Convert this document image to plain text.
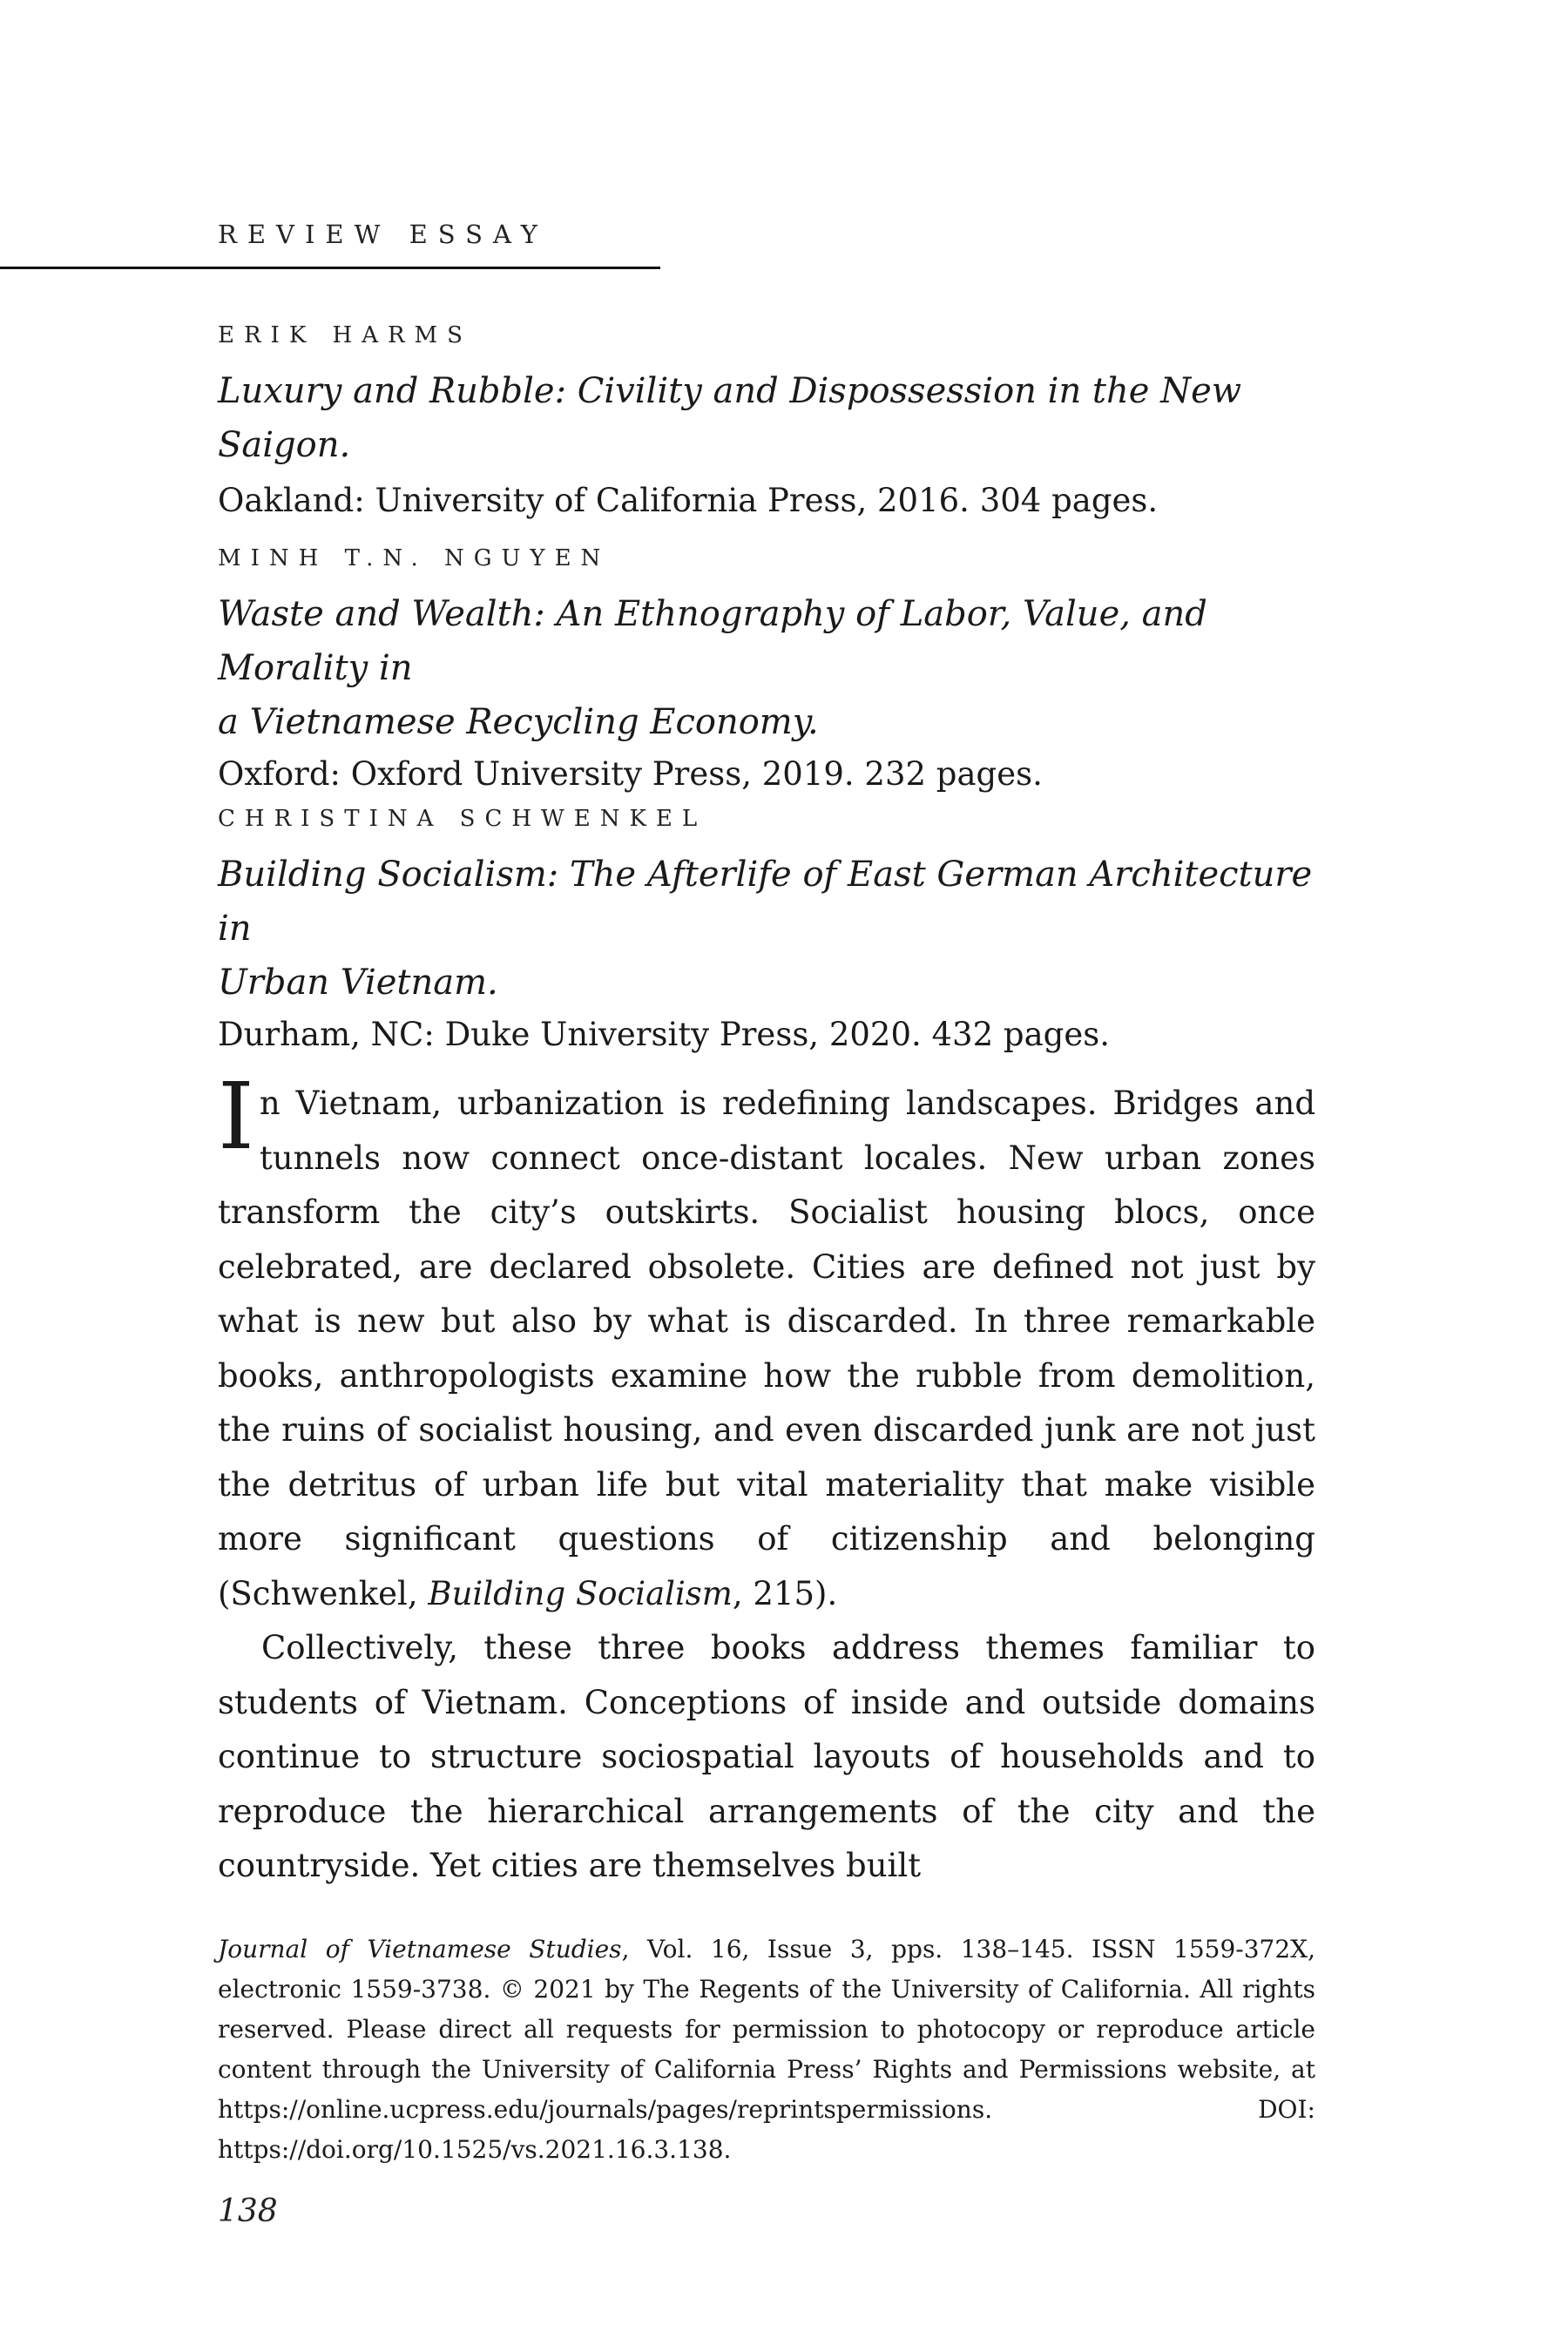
REVIEW ESSAY
ERIK HARMS
Luxury and Rubble: Civility and Dispossession in the New Saigon.
Oakland: University of California Press, 2016. 304 pages.
MINH T.N. NGUYEN
Waste and Wealth: An Ethnography of Labor, Value, and Morality in
a Vietnamese Recycling Economy.
Oxford: Oxford University Press, 2019. 232 pages.
CHRISTINA SCHWENKEL
Building Socialism: The Afterlife of East German Architecture in
Urban Vietnam.
Durham, NC: Duke University Press, 2020. 432 pages.

In Vietnam, urbanization is redefining landscapes. Bridges and tunnels now connect once-distant locales. New urban zones transform the city’s outskirts. Socialist housing blocs, once celebrated, are declared obsolete. Cities are defined not just by what is new but also by what is discarded. In three remarkable books, anthropologists examine how the rubble from demolition, the ruins of socialist housing, and even discarded junk are not just the detritus of urban life but vital materiality that make visible more significant questions of citizenship and belonging (Schwenkel, Building Socialism, 215).

Collectively, these three books address themes familiar to students of Vietnam. Conceptions of inside and outside domains continue to structure sociospatial layouts of households and to reproduce the hierarchical arrangements of the city and the countryside. Yet cities are themselves built

Journal of Vietnamese Studies, Vol. 16, Issue 3, pps. 138–145. ISSN 1559-372X, electronic 1559-3738. © 2021 by The Regents of the University of California. All rights reserved. Please direct all requests for permission to photocopy or reproduce article content through the University of California Press’ Rights and Permissions website, at https://online.ucpress.edu/journals/pages/reprintspermissions. DOI: https://doi.org/10.1525/vs.2021.16.3.138.
138
